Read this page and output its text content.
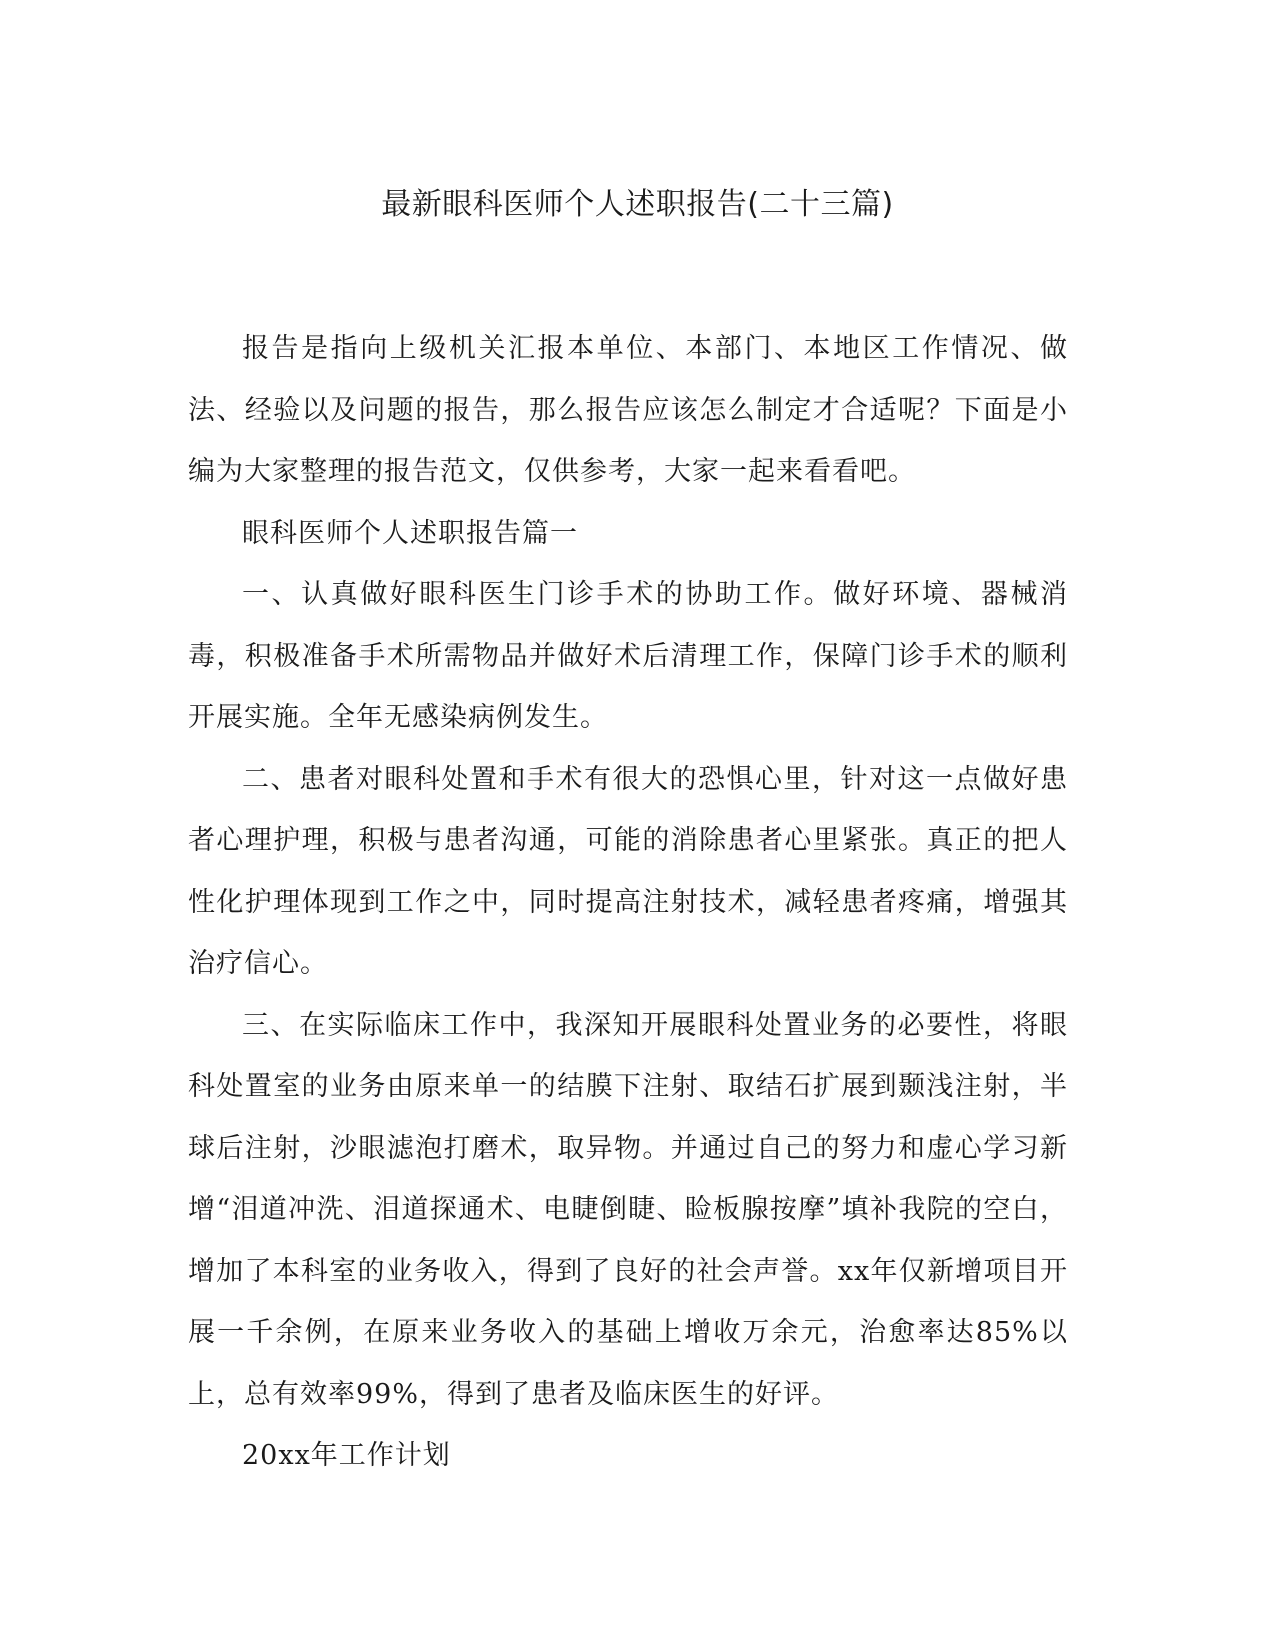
最新眼科医师个人述职报告(二十三篇)

报告是指向上级机关汇报本单位、本部门、本地区工作情况、做法、经验以及问题的报告，那么报告应该怎么制定才合适呢？下面是小编为大家整理的报告范文，仅供参考，大家一起来看看吧。

眼科医师个人述职报告篇一

一、认真做好眼科医生门诊手术的协助工作。做好环境、器械消毒，积极准备手术所需物品并做好术后清理工作，保障门诊手术的顺利开展实施。全年无感染病例发生。

二、患者对眼科处置和手术有很大的恐惧心里，针对这一点做好患者心理护理，积极与患者沟通，可能的消除患者心里紧张。真正的把人性化护理体现到工作之中，同时提高注射技术，减轻患者疼痛，增强其治疗信心。

三、在实际临床工作中，我深知开展眼科处置业务的必要性，将眼科处置室的业务由原来单一的结膜下注射、取结石扩展到颞浅注射，半球后注射，沙眼滤泡打磨术，取异物。并通过自己的努力和虚心学习新增“泪道冲洗、泪道探通术、电睫倒睫、睑板腺按摩”填补我院的空白，增加了本科室的业务收入，得到了良好的社会声誉。xx年仅新增项目开展一千余例，在原来业务收入的基础上增收万余元，治愈率达85%以上，总有效率99%，得到了患者及临床医生的好评。

20xx年工作计划
